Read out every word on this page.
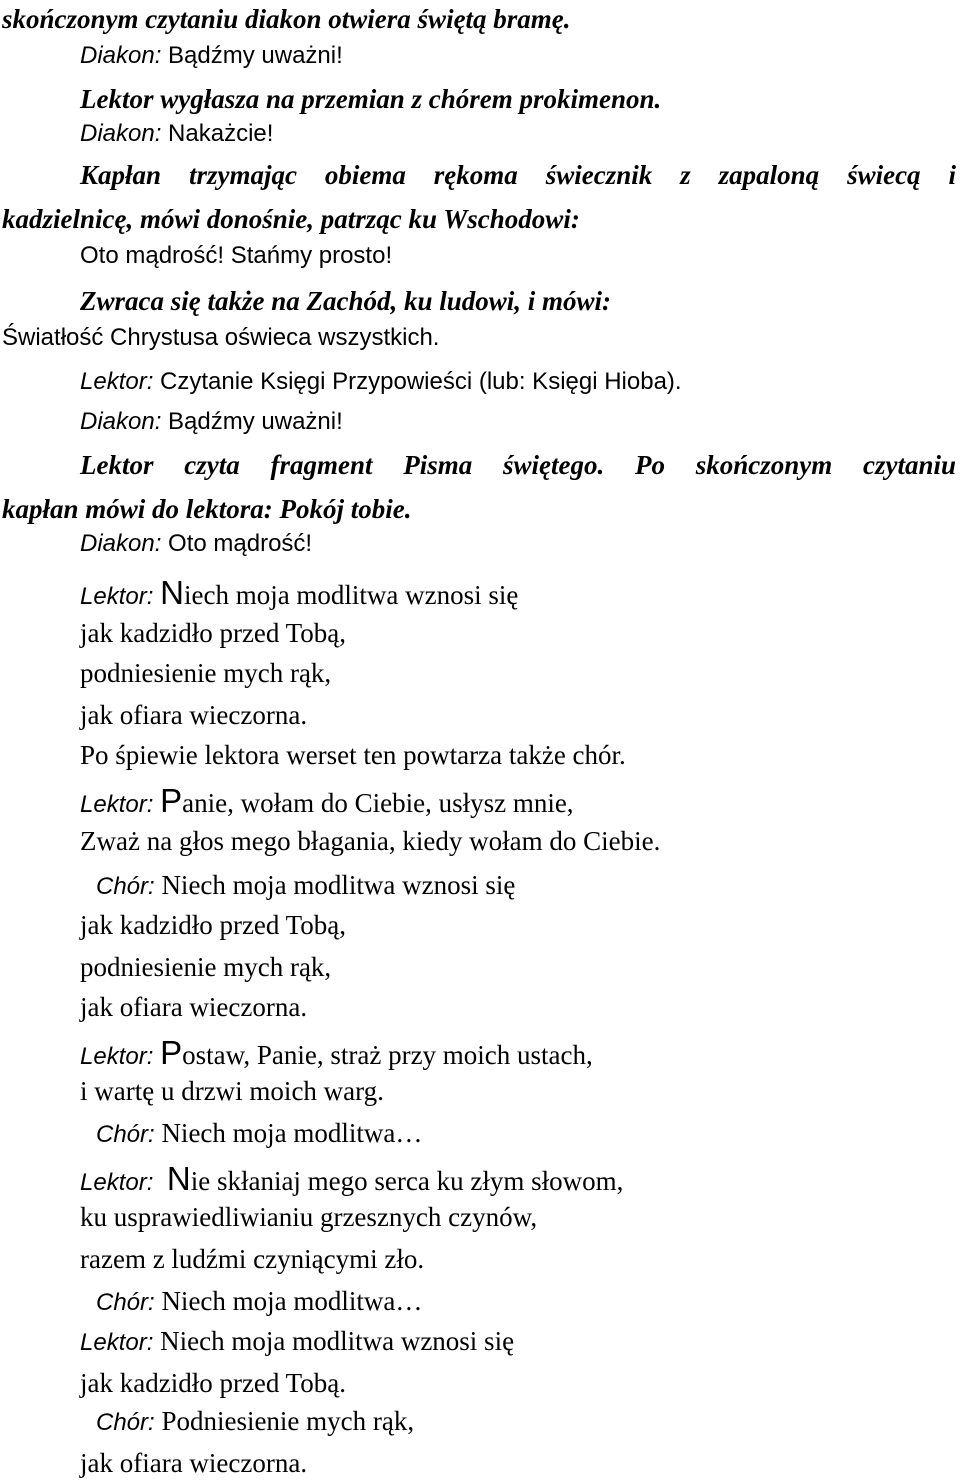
skończonym czytaniu diakon otwiera świętą bramę.
Diakon: Bądźmy uważni!
Lektor wygłasza na przemian z chórem prokimenon.
Diakon: Nakażcie!
Kapłan trzymając obiema rękoma świecznik z zapaloną świecą i
kadzielnicę, mówi donośnie, patrząc ku Wschodowi:
Oto mądrość! Stańmy prosto!
Zwraca się także na Zachód, ku ludowi, i mówi:
Światłość Chrystusa oświeca wszystkich.
Lektor: Czytanie Księgi Przypowieści (lub: Księgi Hioba).
Diakon: Bądźmy uważni!
Lektor czyta fragment Pisma świętego. Po skończonym czytaniu
kapłan mówi do lektora: Pokój tobie.
Diakon: Oto mądrość!
Lektor: Niech moja modlitwa wznosi się
jak kadzidło przed Tobą,
podniesienie mych rąk,
jak ofiara wieczorna.
Po śpiewie lektora werset ten powtarza także chór.
Lektor: Panie, wołam do Ciebie, usłysz mnie,
Zważ na głos mego błagania, kiedy wołam do Ciebie.
Chór: Niech moja modlitwa wznosi się
jak kadzidło przed Tobą,
podniesienie mych rąk,
jak ofiara wieczorna.
Lektor: Postaw, Panie, straż przy moich ustach,
i wartę u drzwi moich warg.
Chór: Niech moja modlitwa…
Lektor: Nie skłaniaj mego serca ku złym słowom,
ku usprawiedliwianiu grzesznych czynów,
razem z ludźmi czyniącymi zło.
Chór: Niech moja modlitwa…
Lektor: Niech moja modlitwa wznosi się
jak kadzidło przed Tobą.
Chór: Podniesienie mych rąk,
jak ofiara wieczorna.
